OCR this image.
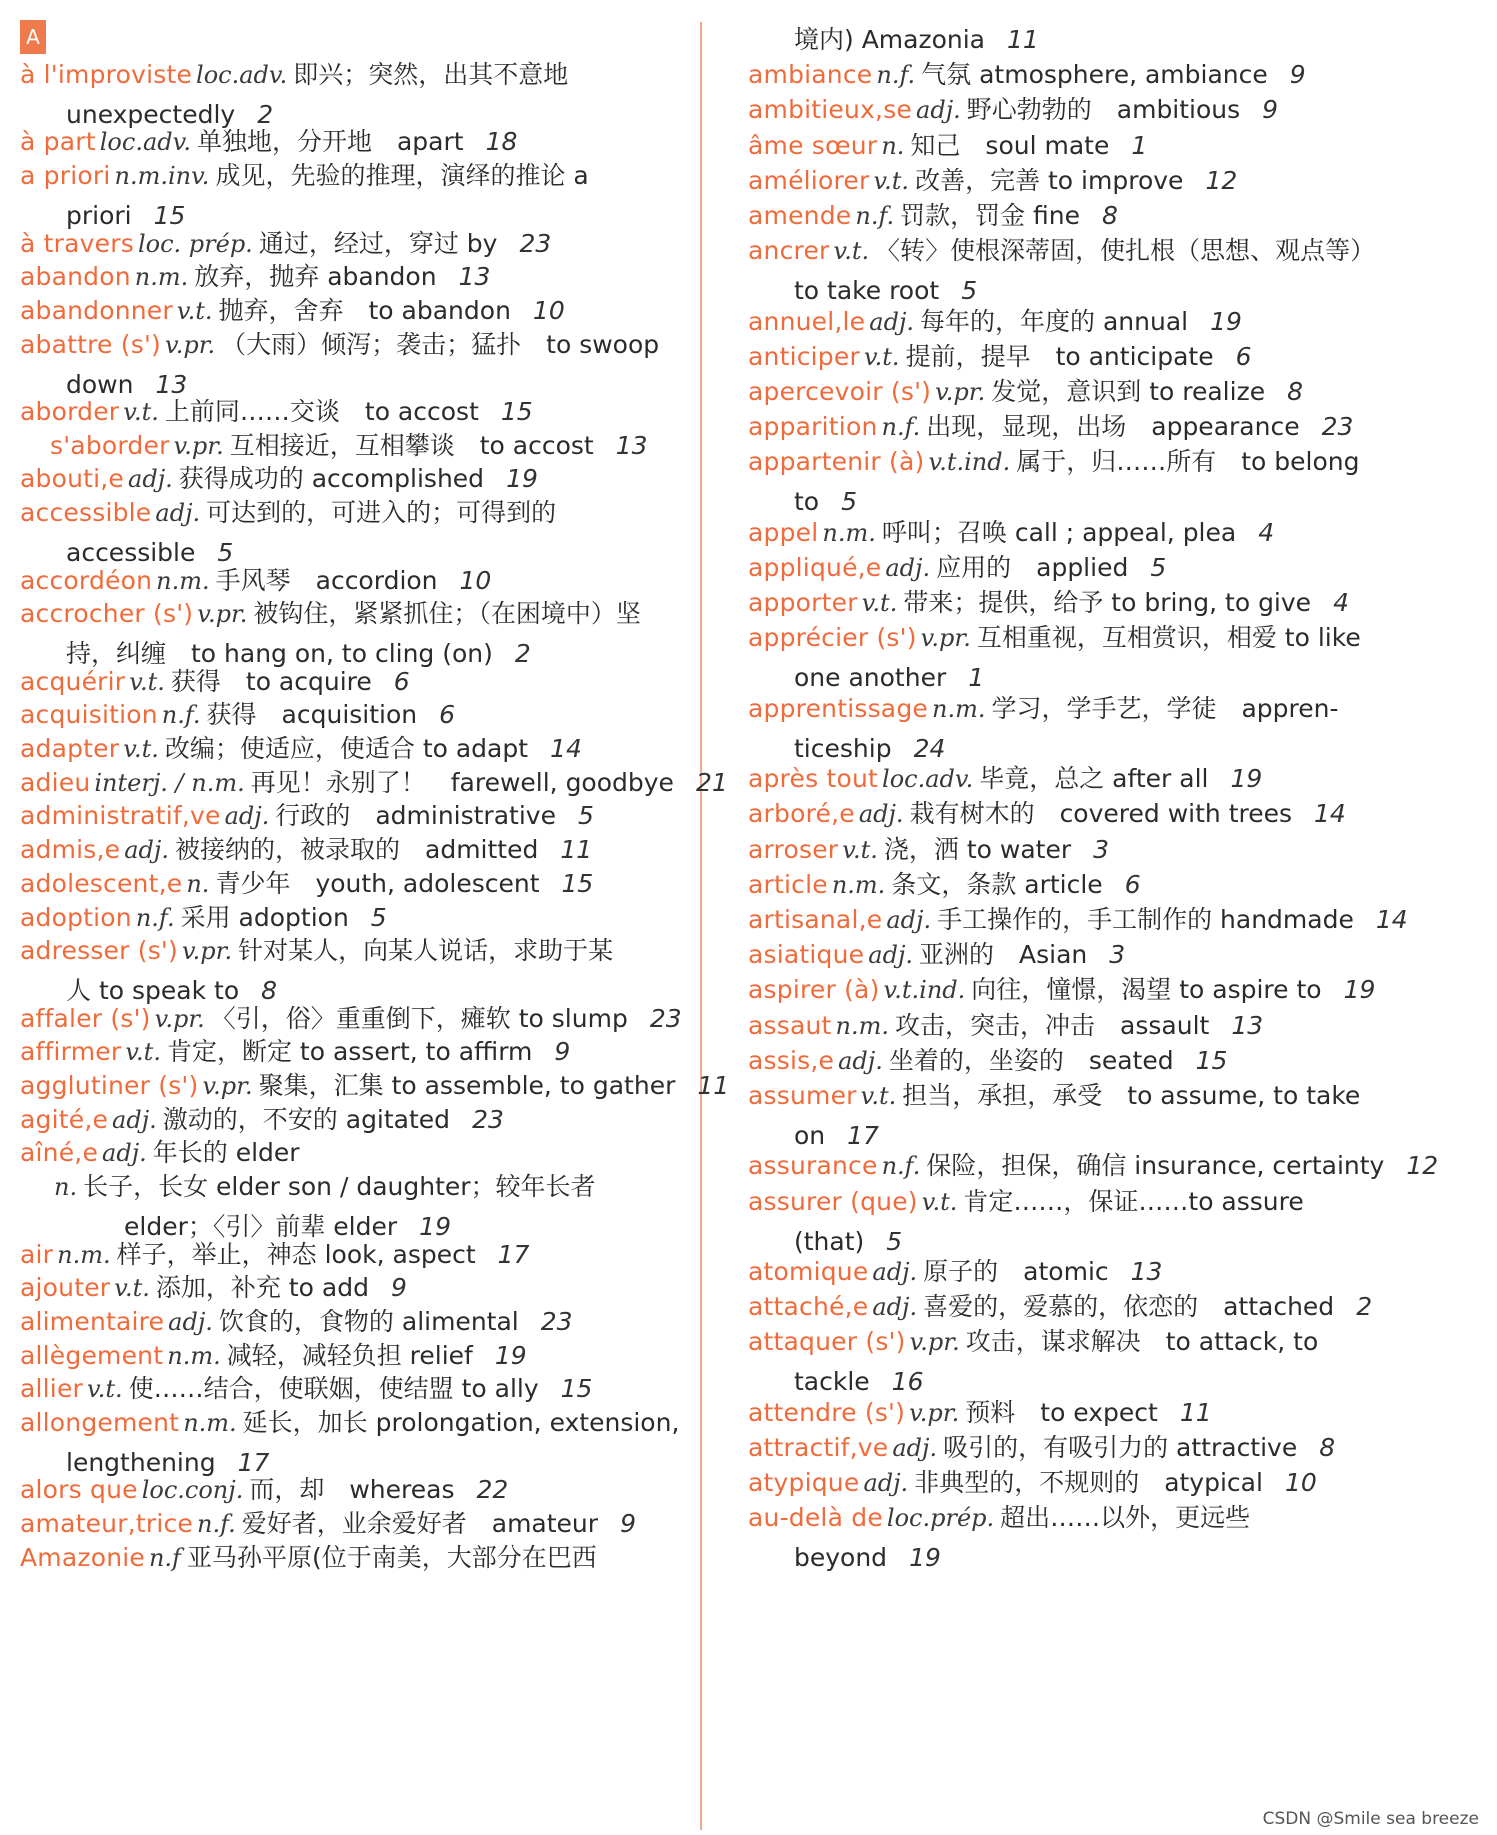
A
à l'improviste loc.adv. 即兴；突然，出其不意地
unexpectedly 2
à part loc.adv. 单独地，分开地　apart 18
a priori n.m.inv. 成见，先验的推理，演绎的推论 a
priori 15
à travers loc. prép. 通过，经过，穿过 by 23
abandon n.m. 放弃，抛弃 abandon 13
abandonner v.t. 抛弃，舍弃　to abandon 10
abattre (s') v.pr. （大雨）倾泻；袭击；猛扑　to swoop
down 13
aborder v.t. 上前同……交谈　to accost 15
s'aborder v.pr. 互相接近，互相攀谈　to accost 13
abouti,e adj. 获得成功的 accomplished 19
accessible adj. 可达到的，可进入的；可得到的
accessible 5
accordéon n.m. 手风琴　accordion 10
accrocher (s') v.pr. 被钩住，紧紧抓住；（在困境中）坚
持，纠缠　to hang on, to cling (on) 2
acquérir v.t. 获得　to acquire 6
acquisition n.f. 获得　acquisition 6
adapter v.t. 改编；使适应，使适合 to adapt 14
adieu interj. / n.m. 再见！永别了！　farewell, goodbye 21
administratif,ve adj. 行政的　administrative 5
admis,e adj. 被接纳的，被录取的　admitted 11
adolescent,e n. 青少年　youth, adolescent 15
adoption n.f. 采用 adoption 5
adresser (s') v.pr. 针对某人，向某人说话，求助于某
人 to speak to 8
affaler (s') v.pr. 〈引，俗〉重重倒下，瘫软 to slump 23
affirmer v.t. 肯定，断定 to assert, to affirm 9
agglutiner (s') v.pr. 聚集，汇集 to assemble, to gather 11
agité,e adj. 激动的，不安的 agitated 23
aîné,e adj. 年长的 elder
n. 长子，长女 elder son / daughter；较年长者
elder；〈引〉前辈 elder 19
air n.m. 样子，举止，神态 look, aspect 17
ajouter v.t. 添加，补充 to add 9
alimentaire adj. 饮食的，食物的 alimental 23
allègement n.m. 减轻，减轻负担 relief 19
allier v.t. 使……结合，使联姻，使结盟 to ally 15
allongement n.m. 延长，加长 prolongation, extension,
lengthening 17
alors que loc.conj. 而，却　whereas 22
amateur,trice n.f. 爱好者，业余爱好者　amateur 9
Amazonie n.f 亚马孙平原(位于南美，大部分在巴西
境内) Amazonia 11
ambiance n.f. 气氛 atmosphere, ambiance 9
ambitieux,se adj. 野心勃勃的　ambitious 9
âme sœur n. 知己　soul mate 1
améliorer v.t. 改善，完善 to improve 12
amende n.f. 罚款，罚金 fine 8
ancrer v.t. 〈转〉使根深蒂固，使扎根（思想、观点等）
to take root 5
annuel,le adj. 每年的，年度的 annual 19
anticiper v.t. 提前，提早　to anticipate 6
apercevoir (s') v.pr. 发觉，意识到 to realize 8
apparition n.f. 出现，显现，出场　appearance 23
appartenir (à) v.t.ind. 属于，归……所有　to belong
to 5
appel n.m. 呼叫；召唤 call ; appeal, plea 4
appliqué,e adj. 应用的　applied 5
apporter v.t. 带来；提供，给予 to bring, to give 4
apprécier (s') v.pr. 互相重视，互相赏识，相爱 to like
one another 1
apprentissage n.m. 学习，学手艺，学徒　appren-
ticeship 24
après tout loc.adv. 毕竟，总之 after all 19
arboré,e adj. 栽有树木的　covered with trees 14
arroser v.t. 浇，洒 to water 3
article n.m. 条文，条款 article 6
artisanal,e adj. 手工操作的，手工制作的 handmade 14
asiatique adj. 亚洲的　Asian 3
aspirer (à) v.t.ind. 向往，憧憬，渴望 to aspire to 19
assaut n.m. 攻击，突击，冲击　assault 13
assis,e adj. 坐着的，坐姿的　seated 15
assumer v.t. 担当，承担，承受　to assume, to take
on 17
assurance n.f. 保险，担保，确信 insurance, certainty 12
assurer (que) v.t. 肯定……，保证……to assure
(that) 5
atomique adj. 原子的　atomic 13
attaché,e adj. 喜爱的，爱慕的，依恋的　attached 2
attaquer (s') v.pr. 攻击，谋求解决　to attack, to
tackle 16
attendre (s') v.pr. 预料　to expect 11
attractif,ve adj. 吸引的，有吸引力的 attractive 8
atypique adj. 非典型的，不规则的　atypical 10
au-delà de loc.prép. 超出……以外，更远些
beyond 19
CSDN @Smile sea breeze
